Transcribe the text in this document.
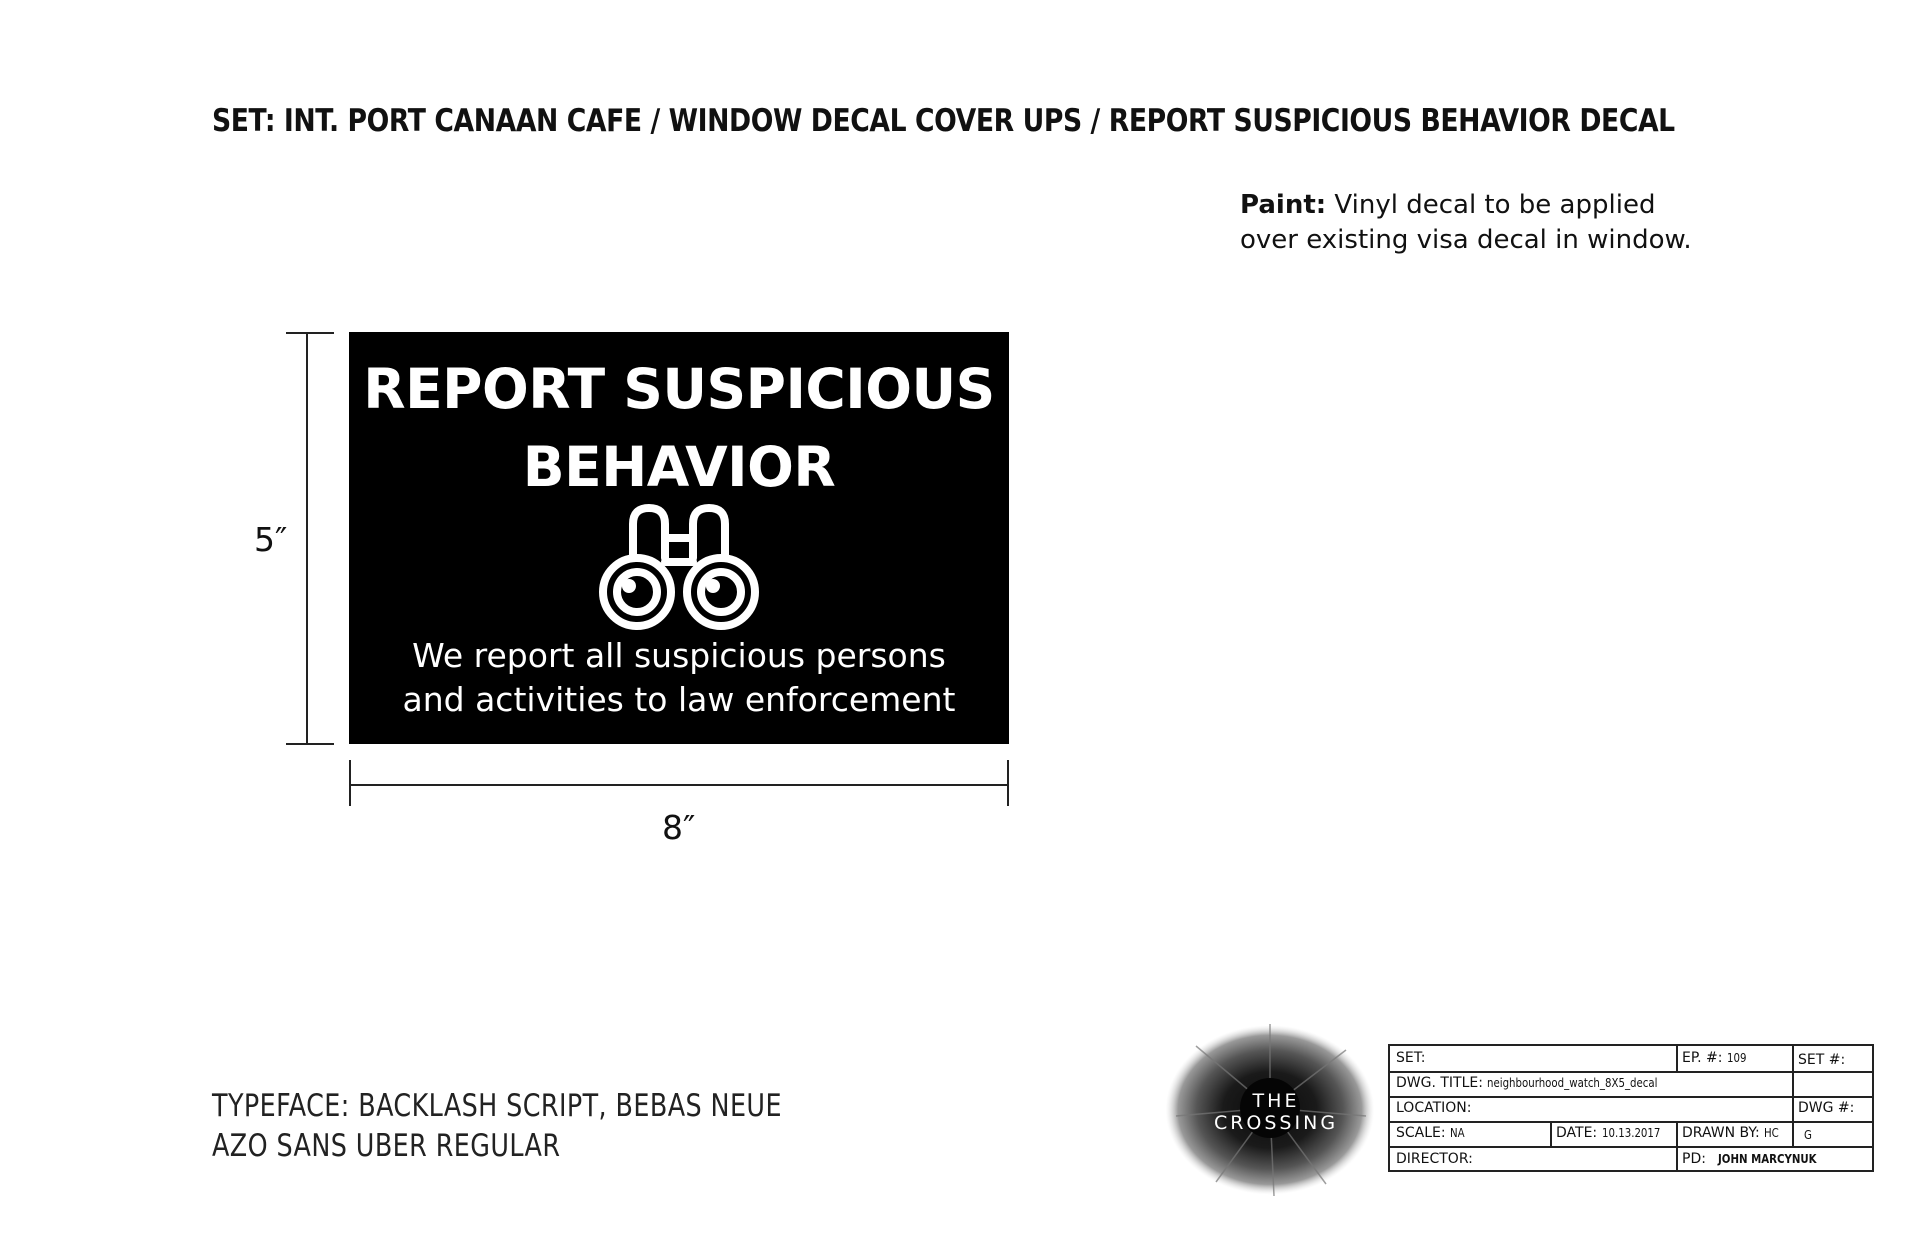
SET: INT. PORT CANAAN CAFE / WINDOW DECAL COVER UPS / REPORT SUSPICIOUS BEHAVIOR DECAL
Paint: Vinyl decal to be applied over existing visa decal in window.
5″
REPORT SUSPICIOUS
BEHAVIOR
We report all suspicious persons
and activities to law enforcement
8″
TYPEFACE: BACKLASH SCRIPT, BEBAS NEUE
AZO SANS UBER REGULAR
THE CROSSING
SET:	EP. #: 109	SET #:
DWG. TITLE: neighbourhood_watch_8X5_decal
LOCATION:	DWG #:
SCALE: NA	DATE: 10.13.2017	DRAWN BY: HC G
DIRECTOR:	PD: JOHN MARCYNUK
